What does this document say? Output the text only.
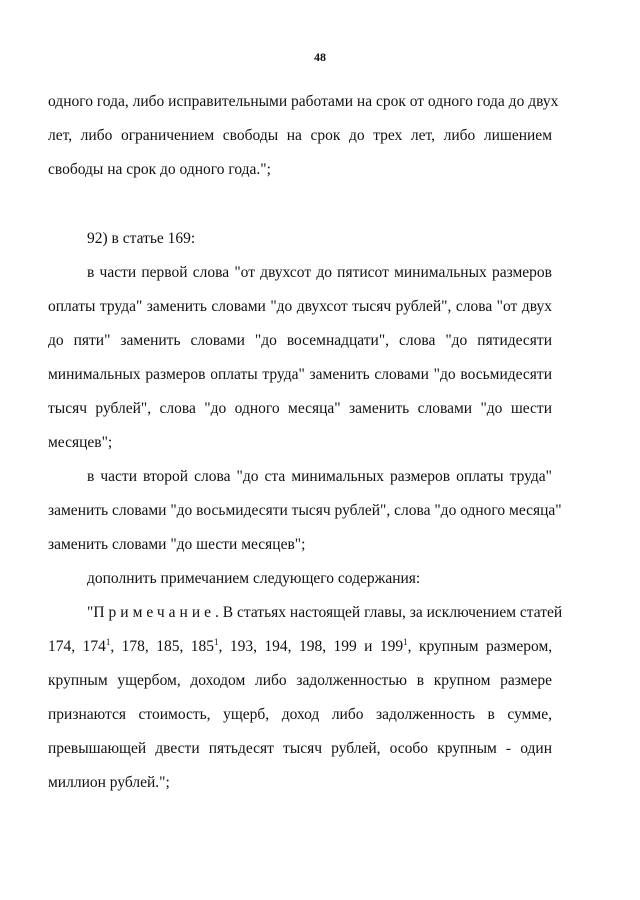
48
одного года, либо исправительными работами на срок от одного года до двух
лет, либо ограничением свободы на срок до трех лет, либо лишением
свободы на срок до одного года.";
92) в статье 169:
в части первой слова "от двухсот до пятисот минимальных размеров
оплаты труда" заменить словами "до двухсот тысяч рублей", слова "от двух
до пяти" заменить словами "до восемнадцати", слова "до пятидесяти
минимальных размеров оплаты труда" заменить словами "до восьмидесяти
тысяч рублей", слова "до одного месяца" заменить словами "до шести
месяцев";
в части второй слова "до ста минимальных размеров оплаты труда"
заменить словами "до восьмидесяти тысяч рублей", слова "до одного месяца"
заменить словами "до шести месяцев";
дополнить примечанием следующего содержания:
"Примечание. В статьях настоящей главы, за исключением статей
174, $174^1$, 178, 185, $185^1$, 193, 194, 198, 199 и $199^1$, крупным размером,
крупным ущербом, доходом либо задолженностью в крупном размере
признаются стоимость, ущерб, доход либо задолженность в сумме,
превышающей двести пятьдесят тысяч рублей, особо крупным - один
миллион рублей.";
